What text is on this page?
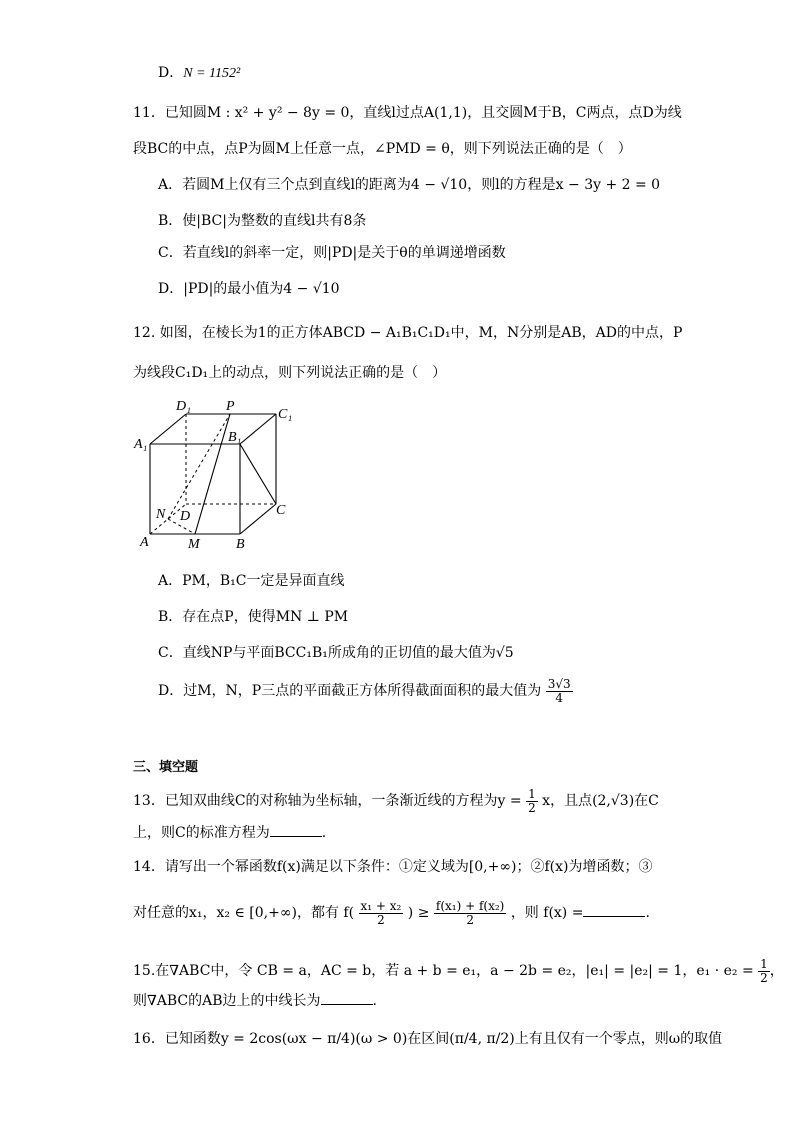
D．N = 1152²
11．已知圆M : x² + y² − 8y = 0，直线l过点A(1,1)，且交圆M于B，C两点，点D为线
段BC的中点，点P为圆M上任意一点，∠PMD = θ，则下列说法正确的是（　）
A．若圆M上仅有三个点到直线l的距离为4 − √10，则l的方程是x − 3y + 2 = 0
B．使|BC|为整数的直线l共有8条
C．若直线l的斜率一定，则|PD|是关于θ的单调递增函数
D．|PD|的最小值为4 − √10
12. 如图，在棱长为1的正方体ABCD − A₁B₁C₁D₁中，M，N分别是AB，AD的中点，P
为线段C₁D₁上的动点，则下列说法正确的是（　）
D₁	P
C₁
B₁
A₁
N D	C
A	M	B
A．PM，B₁C一定是异面直线
B．存在点P，使得MN ⊥ PM
C．直线NP与平面BCC₁B₁所成角的正切值的最大值为√5
D．过M，N，P三点的平面截正方体所得截面面积的最大值为 $\frac{3√3}{4}$
三、填空题
13．已知双曲线C的对称轴为坐标轴，一条渐近线的方程为$y = \frac{1}{2}$ x，且点(2,√3)在C
上，则C的标准方程为	.
14．请写出一个幂函数f(x)满足以下条件：①定义域为[0,+∞)；②f(x)为增函数；③
对任意的x₁，x₂ ∈ [0,+∞)，都有 $f( \frac{\text{x₁ + x₂}}{2}$ ) ≥ $\frac{\text{f(x₁) + f(x₂)}}{2}$ ，则 f(x) =	.
15.在∇ABC中，令 CB = a，AC = b，若 a + b = e₁，a − 2b = e₂，|e₁| = |e₂| = 1，$e_1 \cdot e_2 = \frac{1}{2}$ ，
则∇ABC的AB边上的中线长为	.
16．已知函数y = 2cos(ωx − π/4)(ω > 0)在区间(π/4, π/2)上有且仅有一个零点，则ω的取值
